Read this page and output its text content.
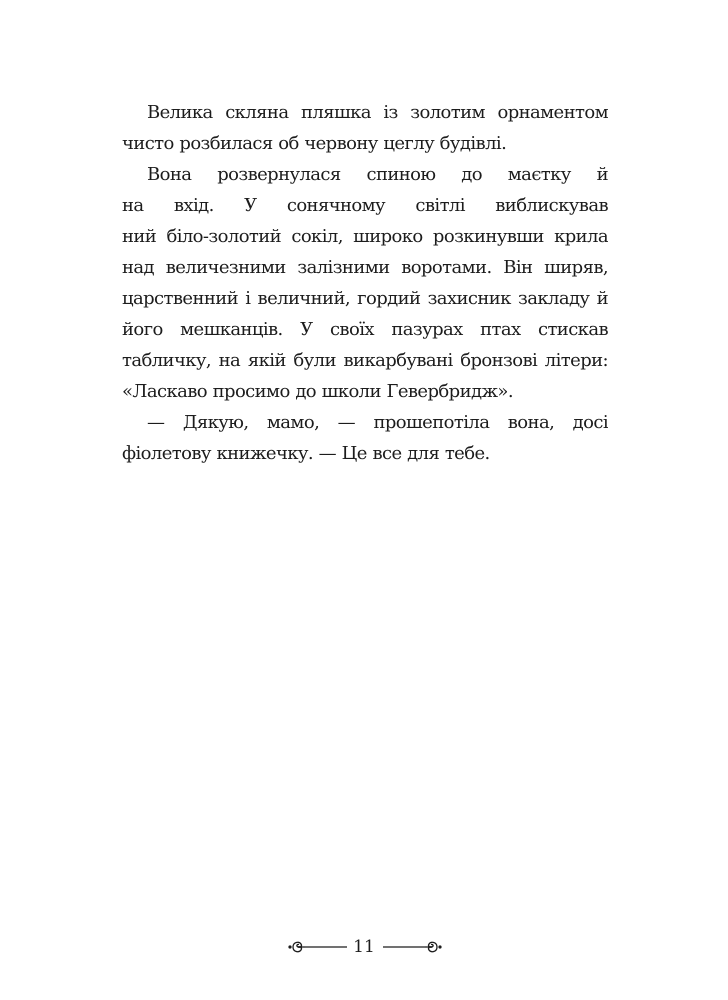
Велика скляна пляшка із золотим орнаментом
чисто розбилася об червону цеглу будівлі.
Вона розвернулася спиною до маєтку й
на вхід. У сонячному світлі виблискував
ний біло-золотий сокіл, широко розкинувши крила
над величезними залізними воротами. Він ширяв,
царственний і величний, гордий захисник закладу й
його мешканців. У своїх пазурах птах стискав
табличку, на якій були викарбувані бронзові літери:
«Ласкаво просимо до школи Гевербридж».
— Дякую, мамо, — прошепотіла вона, досі
фіолетову книжечку. — Це все для тебе.
11
